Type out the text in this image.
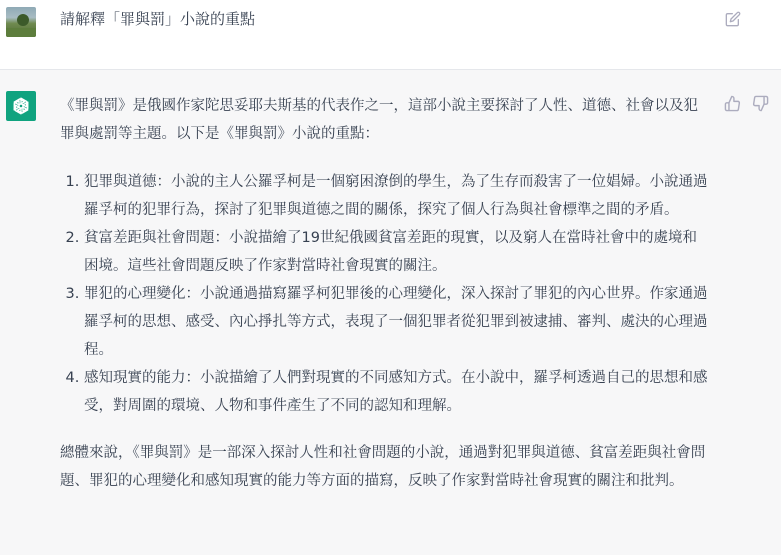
請解釋「罪與罰」小說的重點

《罪與罰》是俄國作家陀思妥耶夫斯基的代表作之一，這部小說主要探討了人性、道德、社會以及犯罪與處罰等主題。以下是《罪與罰》小說的重點：

1. 犯罪與道德：小說的主人公羅孚柯是一個窮困潦倒的學生，為了生存而殺害了一位娼婦。小說通過羅孚柯的犯罪行為，探討了犯罪與道德之間的關係，探究了個人行為與社會標準之間的矛盾。
2. 貧富差距與社會問題：小說描繪了19世紀俄國貧富差距的現實，以及窮人在當時社會中的處境和困境。這些社會問題反映了作家對當時社會現實的關注。
3. 罪犯的心理變化：小說通過描寫羅孚柯犯罪後的心理變化，深入探討了罪犯的內心世界。作家通過羅孚柯的思想、感受、內心掙扎等方式，表現了一個犯罪者從犯罪到被逮捕、審判、處決的心理過程。
4. 感知現實的能力：小說描繪了人們對現實的不同感知方式。在小說中，羅孚柯透過自己的思想和感受，對周圍的環境、人物和事件產生了不同的認知和理解。

總體來說，《罪與罰》是一部深入探討人性和社會問題的小說，通過對犯罪與道德、貧富差距與社會問題、罪犯的心理變化和感知現實的能力等方面的描寫，反映了作家對當時社會現實的關注和批判。
